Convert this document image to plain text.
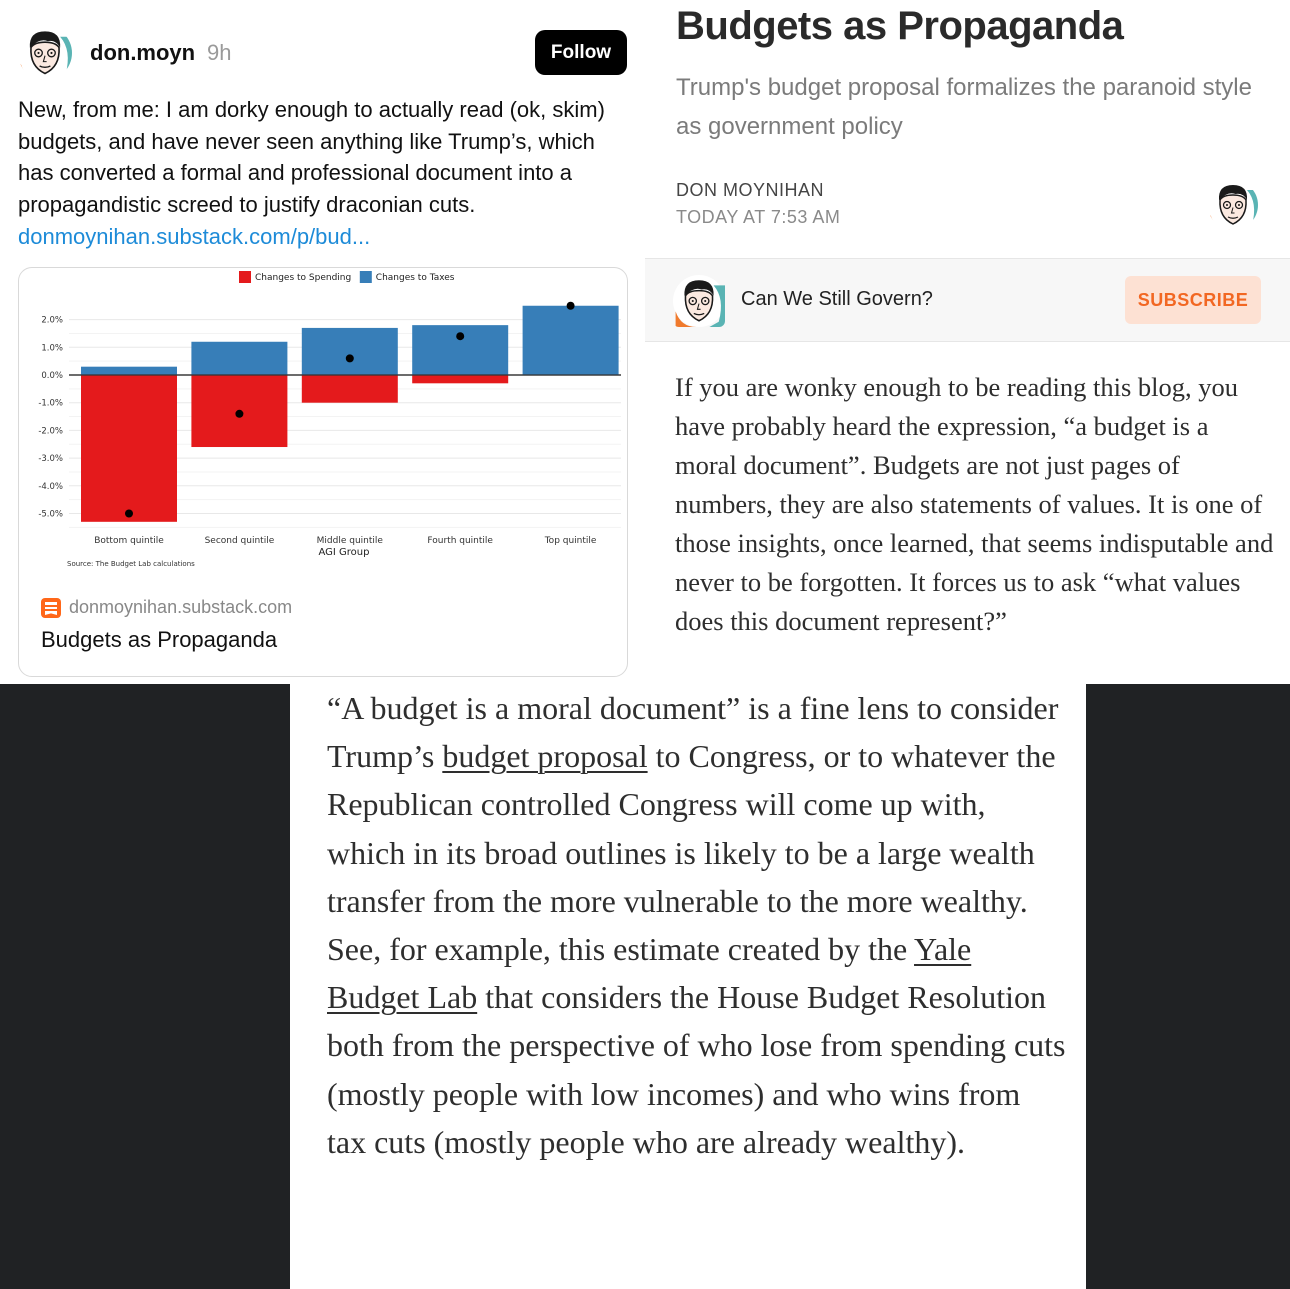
don.moyn 9h	Follow

New, from me: I am dorky enough to actually read (ok, skim) budgets, and have never seen anything like Trump’s, which has converted a formal and professional document into a propagandistic screed to justify draconian cuts.

donmoynihan.substack.com/p/bud...
2.0%
1.0%
0.0%
-1.0%
-2.0%
-3.0%
-4.0%
-5.0%
Bottom quintile	Second quintile	Middle quintile	Fourth quintile	Top quintile
AGI Group
Source: The Budget Lab calculations
Changes to Spending	Changes to Taxes
donmoynihan.substack.com
Budgets as Propaganda
Budgets as Propaganda

Trump's budget proposal formalizes the paranoid style as government policy

DON MOYNIHAN
TODAY AT 7:53 AM
Can We Still Govern?	SUBSCRIBE

If you are wonky enough to be reading this blog, you have probably heard the expression, “a budget is a moral document”. Budgets are not just pages of numbers, they are also statements of values. It is one of those insights, once learned, that seems indisputable and never to be forgotten. It forces us to ask “what values does this document represent?”

“A budget is a moral document” is a fine lens to consider Trump’s budget proposal to Congress, or to whatever the Republican controlled Congress will come up with, which in its broad outlines is likely to be a large wealth transfer from the more vulnerable to the more wealthy. See, for example, this estimate created by the Yale Budget Lab that considers the House Budget Resolution both from the perspective of who lose from spending cuts (mostly people with low incomes) and who wins from tax cuts (mostly people who are already wealthy).
